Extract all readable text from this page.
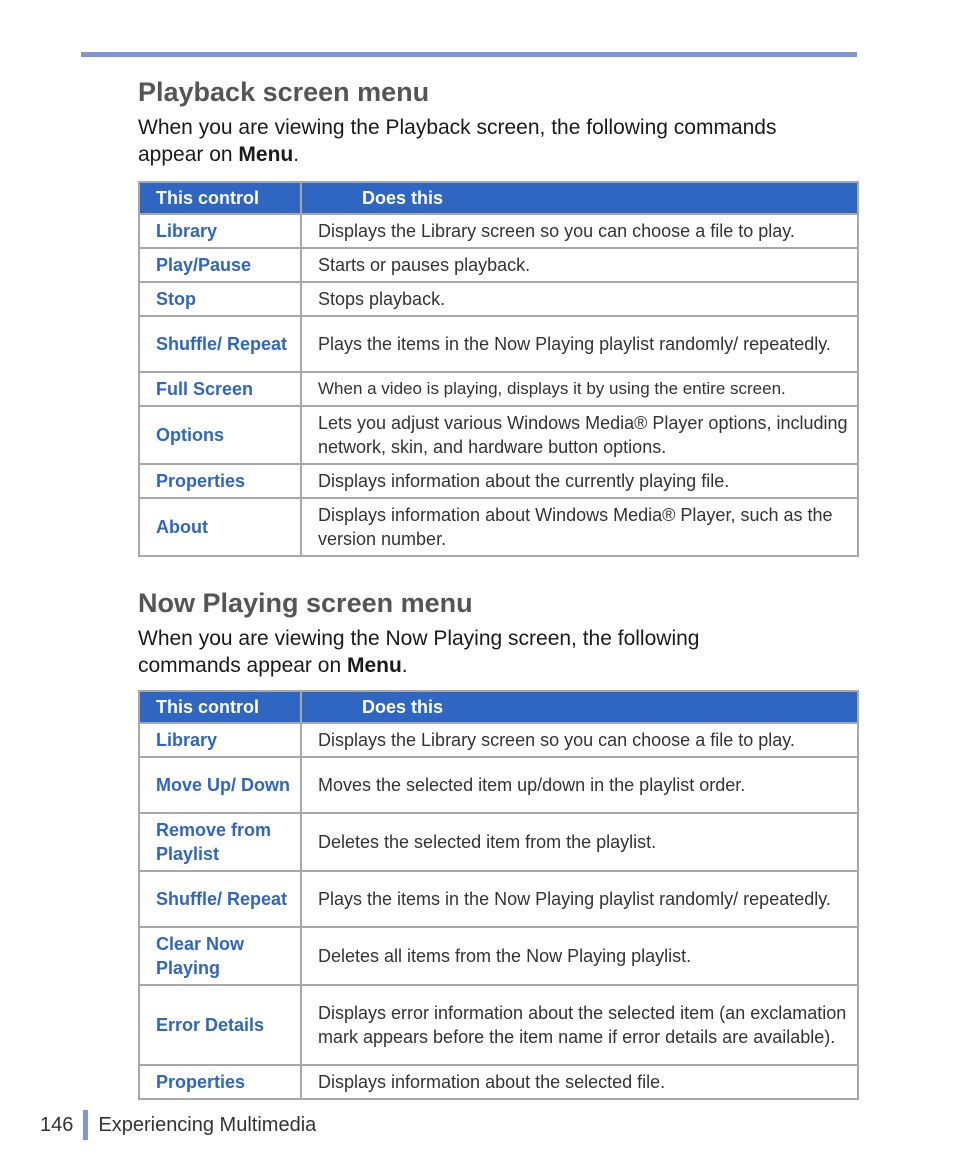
Playback screen menu

When you are viewing the Playback screen, the following commands appear on Menu.

This control	Does this
Library	Displays the Library screen so you can choose a file to play.
Play/Pause	Starts or pauses playback.
Stop	Stops playback.
Shuffle/ Repeat	Plays the items in the Now Playing playlist randomly/ repeatedly.
Full Screen	When a video is playing, displays it by using the entire screen.
Options	Lets you adjust various Windows Media® Player options, including network, skin, and hardware button options.
Properties	Displays information about the currently playing file.
About	Displays information about Windows Media® Player, such as the version number.
Now Playing screen menu

When you are viewing the Now Playing screen, the following commands appear on Menu.

This control	Does this
Library	Displays the Library screen so you can choose a file to play.
Move Up/ Down	Moves the selected item up/down in the playlist order.
Remove from Playlist	Deletes the selected item from the playlist.
Shuffle/ Repeat	Plays the items in the Now Playing playlist randomly/ repeatedly.
Clear Now Playing	Deletes all items from the Now Playing playlist.
Error Details	Displays error information about the selected item (an exclamation mark appears before the item name if error details are available).
Properties	Displays information about the selected file.
146 Experiencing Multimedia
